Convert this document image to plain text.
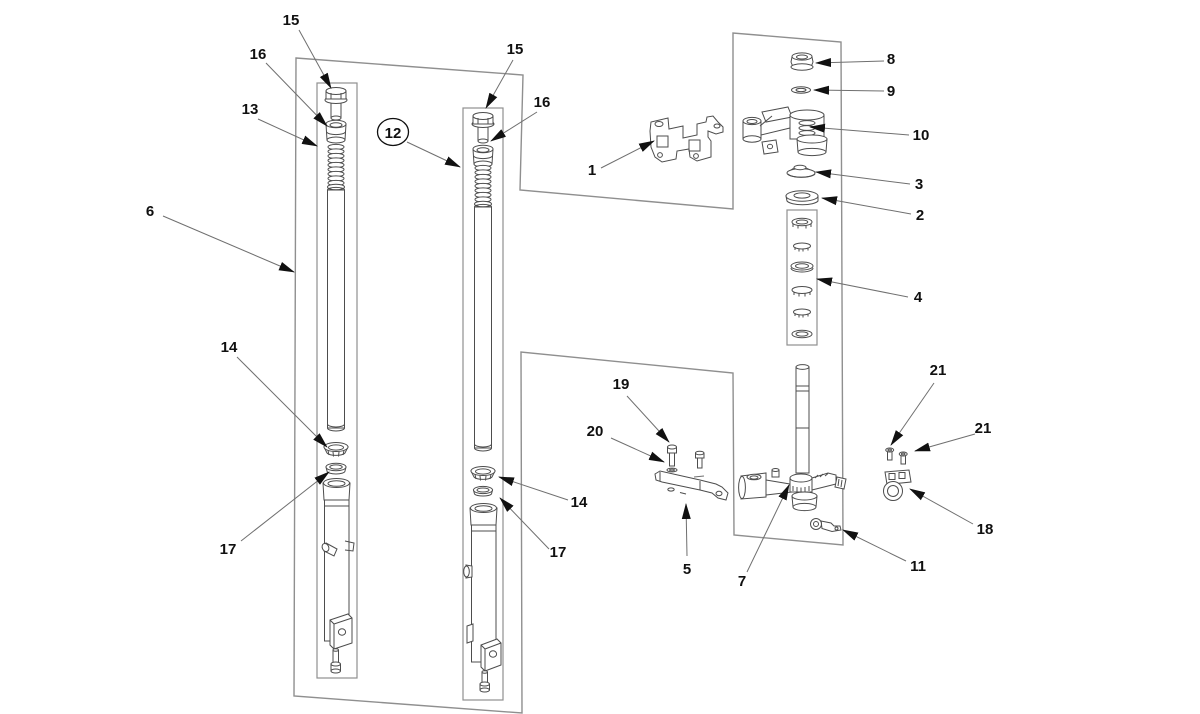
15
16
13
6
14
17
15
16
12
14
17
1
8
9
10
3
2
4
21
21
18
11
7
19
20
5
